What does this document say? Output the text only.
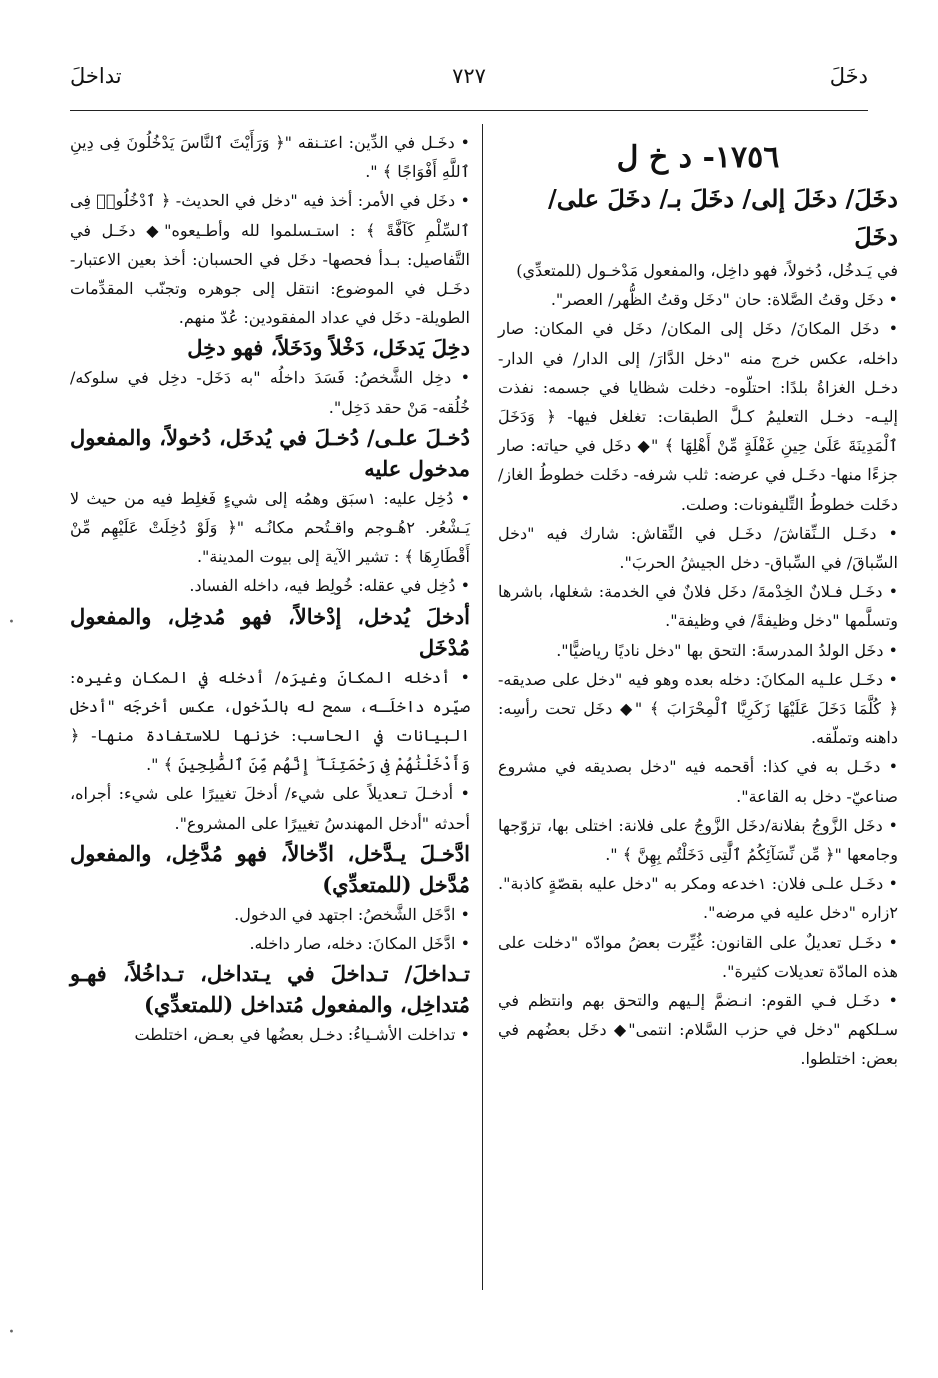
دخَلَ
٧٢٧
تداخلَ
١٧٥٦- د خ ل
دخَلَ/ دخَلَ إلى/ دخَلَ بـ/ دخَلَ على/ دخَلَ

في يَـدخُل، دُخولاً، فهو داخِل، والمفعول مَدْخـول (للمتعدِّي)

• دخَل وقتُ الصَّلاة: حان "دخَل وقتُ الظُّهر/ العصر".

• دخَل المكانَ/ دخَل إلى المكان/ دخَل في المكان: صار داخله، عكس خرج منه "دخل الدَّارَ/ إلى الدار/ في الدار- دخـل الغزاةُ بلدًا: احتلّوه- دخلت شظايا في جسمه: نفذت إليـه- دخـل التعليمُ كـلَّ الطبقات: تغلغل فيها- ﴿ وَدَخَلَ ٱلْمَدِينَةَ عَلَىٰ حِينِ غَفْلَةٍ مِّنْ أَهْلِهَا ﴾ "◆ دخَل في حياته: صار جزءًا منها- دخَـل في عرضه: ثلب شرفه- دخَلت خطوطُ الغاز/ دخَلت خطوطُ التِّليفونات: وصلت.

• دخَـل الـنِّقاشَ/ دخَـل في النِّقاش: شارك فيه "دخل السِّباقَ/ في السِّباق- دخل الجيشُ الحربَ".

• دخَـل فـلانٌ الخِدْمةَ/ دخَل فلانٌ في الخدمة: شغلها، باشرها وتسلَّمها "دخل وظيفةً/ في وظيفة".

• دخَل الولدُ المدرسةَ: التحق بها "دخل ناديًا رياضيًّا".

• دخَـل علـيه المكانَ: دخله بعده وهو فيه "دخل على صديقه- ﴿ كُلَّمَا دَخَلَ عَلَيْهَا زَكَرِيَّا ٱلْمِحْرَابَ ﴾ "◆ دخَل تحت رأسِه: داهنه وتملّقه.

• دخَـل به في كذا: أقحمه فيه "دخل بصديقه في مشروع صناعيّ- دخل به القاعة".

• دخَل الزَّوجُ بفلانة/دخَل الزَّوجُ على فلانة: اختلى بها، تزوّجها وجامعها "﴿ مِّن نِّسَآئِكُمُ ٱلَّٰتِى دَخَلْتُم بِهِنَّ ﴾ ".

• دخَـل علـى فلان: ١خدعه ومكر به "دخل عليه بقصّةٍ كاذبة". ٢زاره "دخل عليه في مرضه".

• دخَـل تعديلٌ على القانون: غُيِّرت بعضُ موادّه "دخلت على هذه المادّة تعديلات كثيرة".

• دخَـل فـي القوم: انـضمَّ إلـيهم والتحق بهم وانتظم في سـلكهم "دخل في حزب السَّلام: انتمى"◆ دخَل بعضُهم في بعض: اختلطوا.

• دخَـل في الدِّين: اعتـنقه "﴿ وَرَأَيْتَ ٱلنَّاسَ يَدْخُلُونَ فِى دِينِ ٱللَّهِ أَفْوَاجًا ﴾ ".

• دخَل في الأمر: أخذ فيه "دخل في الحديث- ﴿ ٱدْخُلُوا۟ فِى ٱلسِّلْمِ كَآفَّةً ﴾ : استـسلموا لله وأطـيعوه"◆ دخَـل في التَّفاصيل: بـدأ فحصها- دخَل في الحسبان: أخذ بعين الاعتبار- دخَـل في الموضوع: انتقل إلى جوهره وتجنّب المقدِّمات الطويلة- دخَل في عداد المفقودين: عُدّ منهم.

دخِلَ يَدخَل، دَخْلاً ودَخَلاً، فهو دخِل

• دخِل الشَّخصُ: فَسَدَ داخلُه "به دَخَل- دخِل في سلوكه/ خُلُقه- مَنْ حقد دَخِل".

دُخـلَ علـى/ دُخـلَ في يُدخَل، دُخولاً، والمفعول مدخول عليه

• دُخِل عليه: ١سبَق وهمُه إلى شيءٍ فَغلِط فيه من حيث لا يَـشْعُر. ٢هُـوجم واقـتُحم مكانُـه "﴿ وَلَوْ دُخِلَتْ عَلَيْهِم مِّنْ أَقْطَارِهَا ﴾ : تشير الآية إلى بيوت المدينة".

• دُخِل في عقله: خُولِط فيه، داخله الفساد.

أدخلَ يُدخل، إدْخالاً، فهو مُدخِل، والمفعول مُدْخَل

• أدخله المكانَ وغيرَه/ أدخله في المكان وغيره: صيّره داخلَـه، سمح له بالدّخول، عكس أخرجَه "أدخل البيانات في الحاسب: خزنها للاستفادة منها- ﴿ وَأَدْخَلْنَٰهُمْ فِى رَحْمَتِنَآ ۖ إِنَّهُم مِّنَ ٱلصَّٰلِحِينَ ﴾ ".

• أدخـلَ تـعديلاً على شيء/ أدخلَ تغييرًا على شيء: أجراه، أحدثه "أدخل المهندسُ تغييرًا على المشروع".

ادَّخـلَ يـدَّخل، ادِّخالاً، فهو مُدَّخِل، والمفعول مُدَّخل (للمتعدِّي)

• ادَّخَل الشَّخصُ: اجتهد في الدخول.

• ادَّخَل المكانَ: دخله، صار داخله.

تـداخلَ/ تـداخلَ في يـتداخل، تـداخُلاً، فهـو مُتداخِل، والمفعول مُتداخل (للمتعدِّي)

• تداخلت الأشـياءُ: دخـل بعضُها في بعـض، اختلطت

·
·
